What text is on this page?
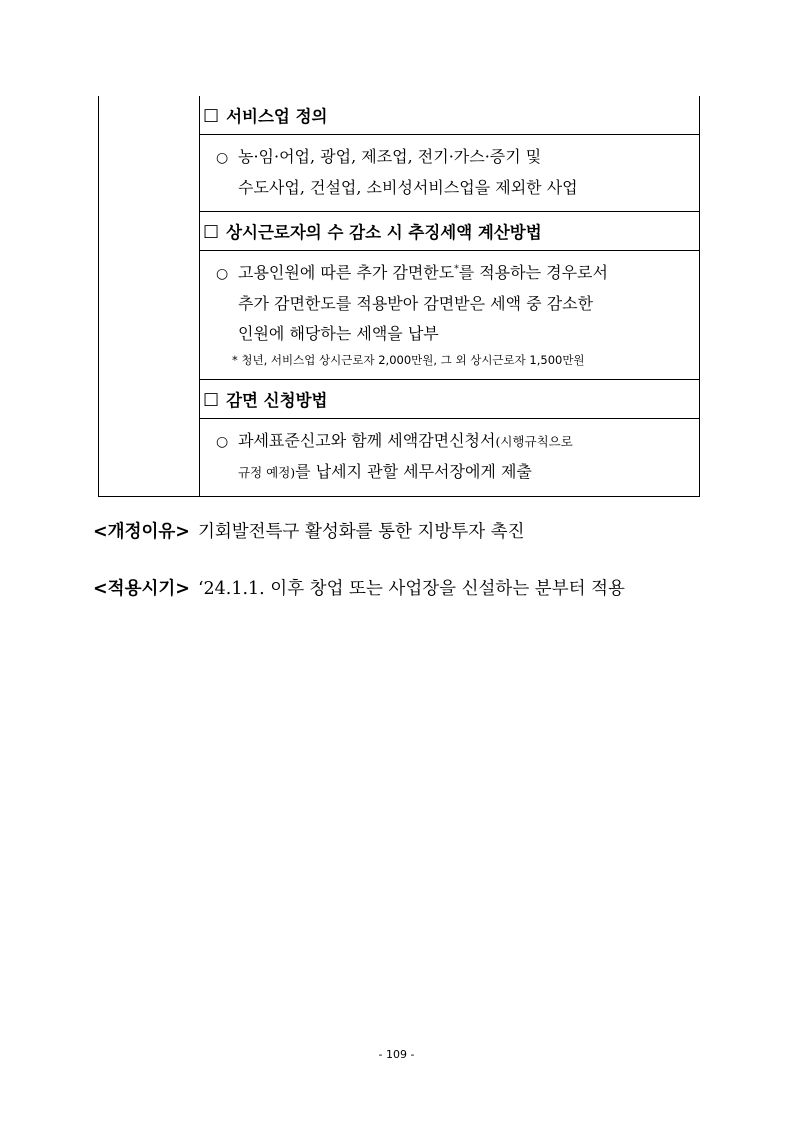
□ 서비스업 정의
○ 농·임·어업, 광업, 제조업, 전기·가스·증기 및
수도사업, 건설업, 소비성서비스업을 제외한 사업
□ 상시근로자의 수 감소 시 추징세액 계산방법
○ 고용인원에 따른 추가 감면한도*를 적용하는 경우로서
추가 감면한도를 적용받아 감면받은 세액 중 감소한
인원에 해당하는 세액을 납부
* 청년, 서비스업 상시근로자 2,000만원, 그 외 상시근로자 1,500만원
□ 감면 신청방법
○ 과세표준신고와 함께 세액감면신청서(시행규칙으로
규정 예정)를 납세지 관할 세무서장에게 제출
<개정이유> 기회발전특구 활성화를 통한 지방투자 촉진
<적용시기> ‘24.1.1. 이후 창업 또는 사업장을 신설하는 분부터 적용
- 109 -
